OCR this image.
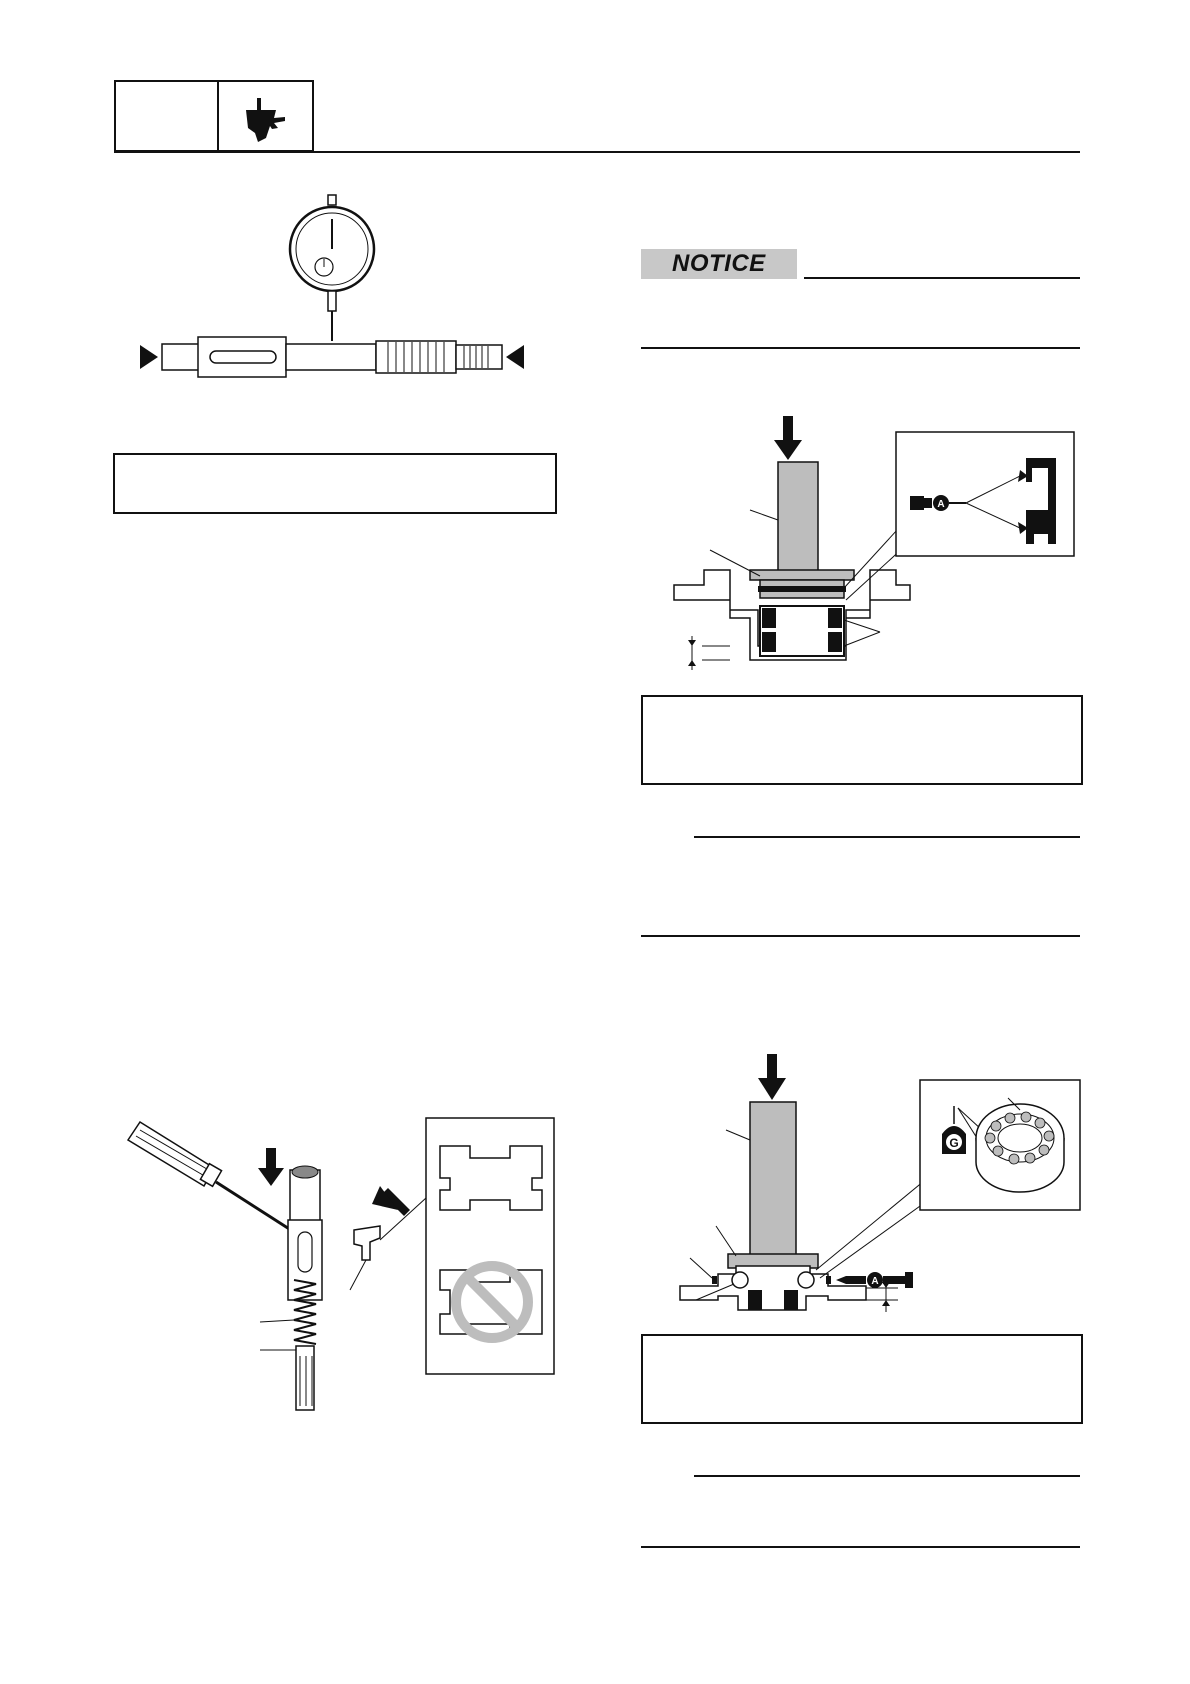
NOTICE
A
A
G
